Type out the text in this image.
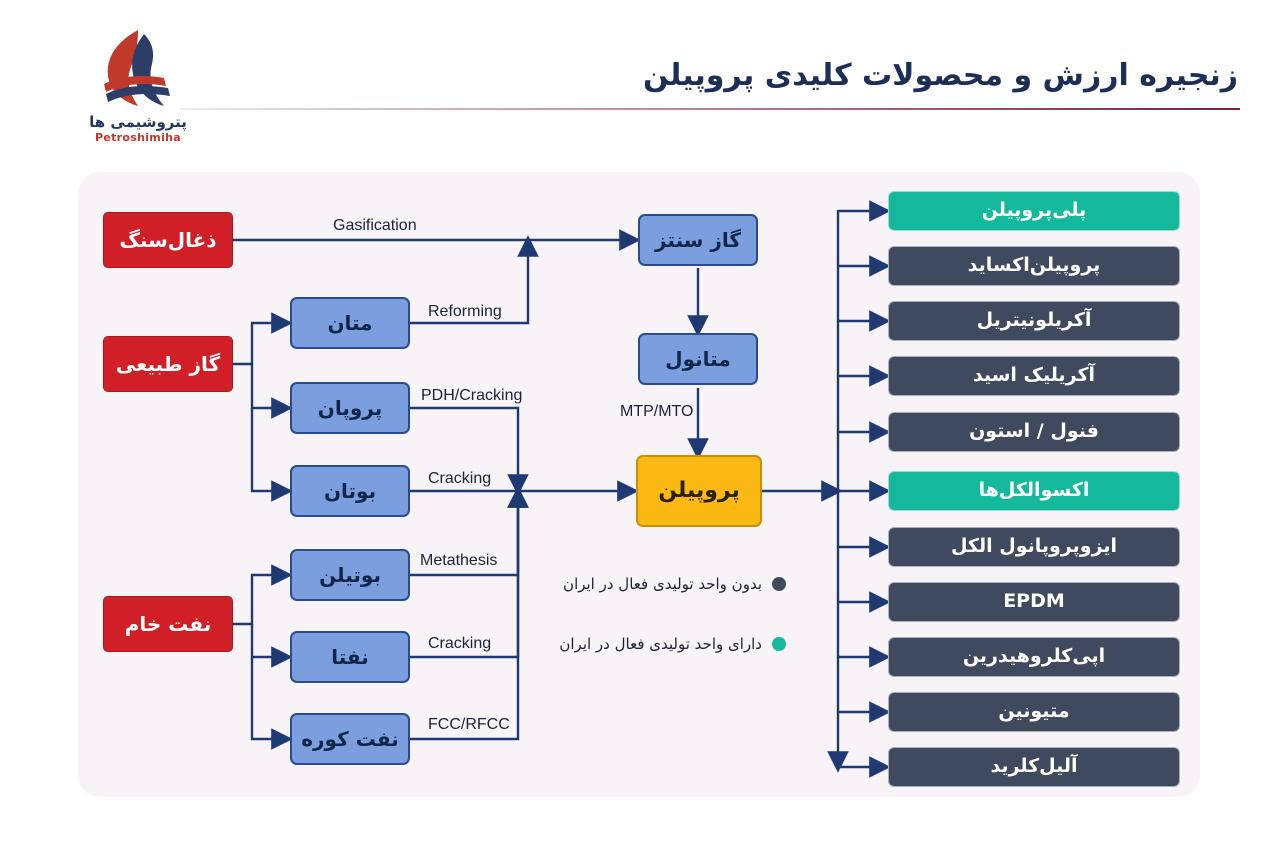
پتروشیمی ها
Petroshimiha
زنجیره ارزش و محصولات کلیدی پروپیلن
ذغال‌سنگ
گاز طبیعی
نفت خام
متان
پروپان
بوتان
بوتیلن
نفتا
نفت کوره
گاز سنتز
متانول
پروپیلن
Gasification
Reforming
PDH/Cracking
Cracking
Metathesis
Cracking
FCC/RFCC
MTP/MTO
بدون واحد تولیدی فعال در ایران
دارای واحد تولیدی فعال در ایران
پلی‌پروپیلن
پروپیلن‌اکساید
آکریلونیتریل
آکریلیک اسید
فنول / استون
اکسوالکل‌ها
ایزوپروپانول الکل
EPDM
اپی‌کلروهیدرین
متیونین
آلیل‌کلرید
